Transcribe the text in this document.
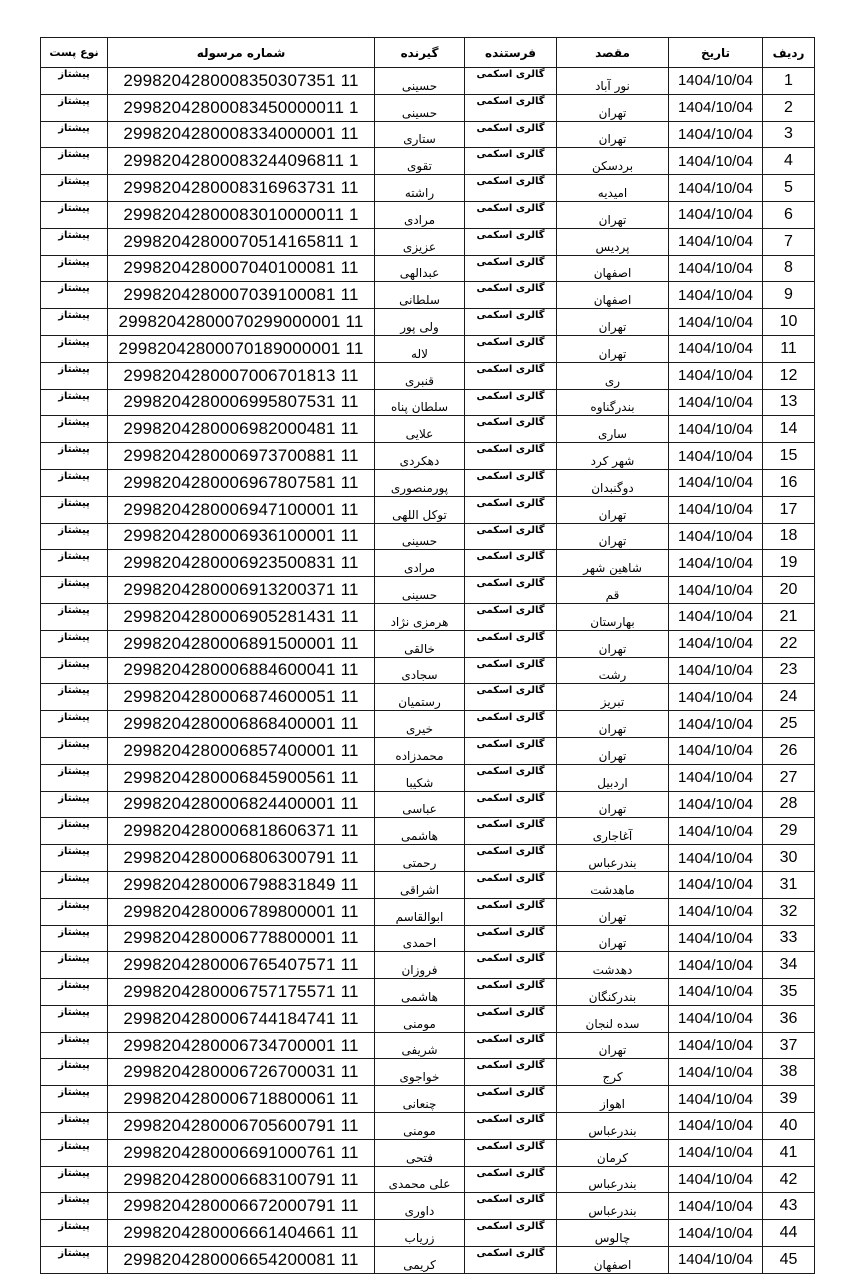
ردیف	تاریخ	مقصد	فرستنده	گیرنده	شماره مرسوله	نوع پست
1	1404/10/04	نور آباد	گالری اسکمی	حسینی	2998204280008350307351 11	پیشتاز
2	1404/10/04	تهران	گالری اسکمی	حسینی	29982042800083450000011 1	پیشتاز
3	1404/10/04	تهران	گالری اسکمی	ستاری	2998204280008334000001 11	پیشتاز
4	1404/10/04	بردسکن	گالری اسکمی	تقوی	29982042800083244096811 1	پیشتاز
5	1404/10/04	امیدیه	گالری اسکمی	راشته	2998204280008316963731 11	پیشتاز
6	1404/10/04	تهران	گالری اسکمی	مرادی	29982042800083010000011 1	پیشتاز
7	1404/10/04	پردیس	گالری اسکمی	عزیزی	29982042800070514165811 1	پیشتاز
8	1404/10/04	اصفهان	گالری اسکمی	عبدالهی	2998204280007040100081 11	پیشتاز
9	1404/10/04	اصفهان	گالری اسکمی	سلطانی	2998204280007039100081 11	پیشتاز
10	1404/10/04	تهران	گالری اسکمی	ولی پور	29982042800070299000001 11	پیشتاز
11	1404/10/04	تهران	گالری اسکمی	لاله	29982042800070189000001 11	پیشتاز
12	1404/10/04	ری	گالری اسکمی	قنبری	2998204280007006701813 11	پیشتاز
13	1404/10/04	بندرگناوه	گالری اسکمی	سلطان پناه	2998204280006995807531 11	پیشتاز
14	1404/10/04	ساری	گالری اسکمی	علایی	2998204280006982000481 11	پیشتاز
15	1404/10/04	شهر کرد	گالری اسکمی	دهکردی	2998204280006973700881 11	پیشتاز
16	1404/10/04	دوگنبدان	گالری اسکمی	پورمنصوری	2998204280006967807581 11	پیشتاز
17	1404/10/04	تهران	گالری اسکمی	توکل اللهی	2998204280006947100001 11	پیشتاز
18	1404/10/04	تهران	گالری اسکمی	حسینی	2998204280006936100001 11	پیشتاز
19	1404/10/04	شاهین شهر	گالری اسکمی	مرادی	2998204280006923500831 11	پیشتاز
20	1404/10/04	قم	گالری اسکمی	حسینی	2998204280006913200371 11	پیشتاز
21	1404/10/04	بهارستان	گالری اسکمی	هرمزی نژاد	2998204280006905281431 11	پیشتاز
22	1404/10/04	تهران	گالری اسکمی	خالقی	2998204280006891500001 11	پیشتاز
23	1404/10/04	رشت	گالری اسکمی	سجادی	2998204280006884600041 11	پیشتاز
24	1404/10/04	تبریز	گالری اسکمی	رستمیان	2998204280006874600051 11	پیشتاز
25	1404/10/04	تهران	گالری اسکمی	خیری	2998204280006868400001 11	پیشتاز
26	1404/10/04	تهران	گالری اسکمی	محمدزاده	2998204280006857400001 11	پیشتاز
27	1404/10/04	اردبیل	گالری اسکمی	شکیبا	2998204280006845900561 11	پیشتاز
28	1404/10/04	تهران	گالری اسکمی	عباسی	2998204280006824400001 11	پیشتاز
29	1404/10/04	آغاجاری	گالری اسکمی	هاشمی	2998204280006818606371 11	پیشتاز
30	1404/10/04	بندرعباس	گالری اسکمی	رحمتی	2998204280006806300791 11	پیشتاز
31	1404/10/04	ماهدشت	گالری اسکمی	اشراقی	2998204280006798831849 11	پیشتاز
32	1404/10/04	تهران	گالری اسکمی	ابوالقاسم	2998204280006789800001 11	پیشتاز
33	1404/10/04	تهران	گالری اسکمی	احمدی	2998204280006778800001 11	پیشتاز
34	1404/10/04	دهدشت	گالری اسکمی	فروزان	2998204280006765407571 11	پیشتاز
35	1404/10/04	بندرکنگان	گالری اسکمی	هاشمی	2998204280006757175571 11	پیشتاز
36	1404/10/04	سده لنجان	گالری اسکمی	مومنی	2998204280006744184741 11	پیشتاز
37	1404/10/04	تهران	گالری اسکمی	شریفی	2998204280006734700001 11	پیشتاز
38	1404/10/04	کرج	گالری اسکمی	خواجوی	2998204280006726700031 11	پیشتاز
39	1404/10/04	اهواز	گالری اسکمی	چنعانی	2998204280006718800061 11	پیشتاز
40	1404/10/04	بندرعباس	گالری اسکمی	مومنی	2998204280006705600791 11	پیشتاز
41	1404/10/04	کرمان	گالری اسکمی	فتحی	2998204280006691000761 11	پیشتاز
42	1404/10/04	بندرعباس	گالری اسکمی	علی محمدی	2998204280006683100791 11	پیشتاز
43	1404/10/04	بندرعباس	گالری اسکمی	داوری	2998204280006672000791 11	پیشتاز
44	1404/10/04	چالوس	گالری اسکمی	زریاب	2998204280006661404661 11	پیشتاز
45	1404/10/04	اصفهان	گالری اسکمی	کریمی	2998204280006654200081 11	پیشتاز
